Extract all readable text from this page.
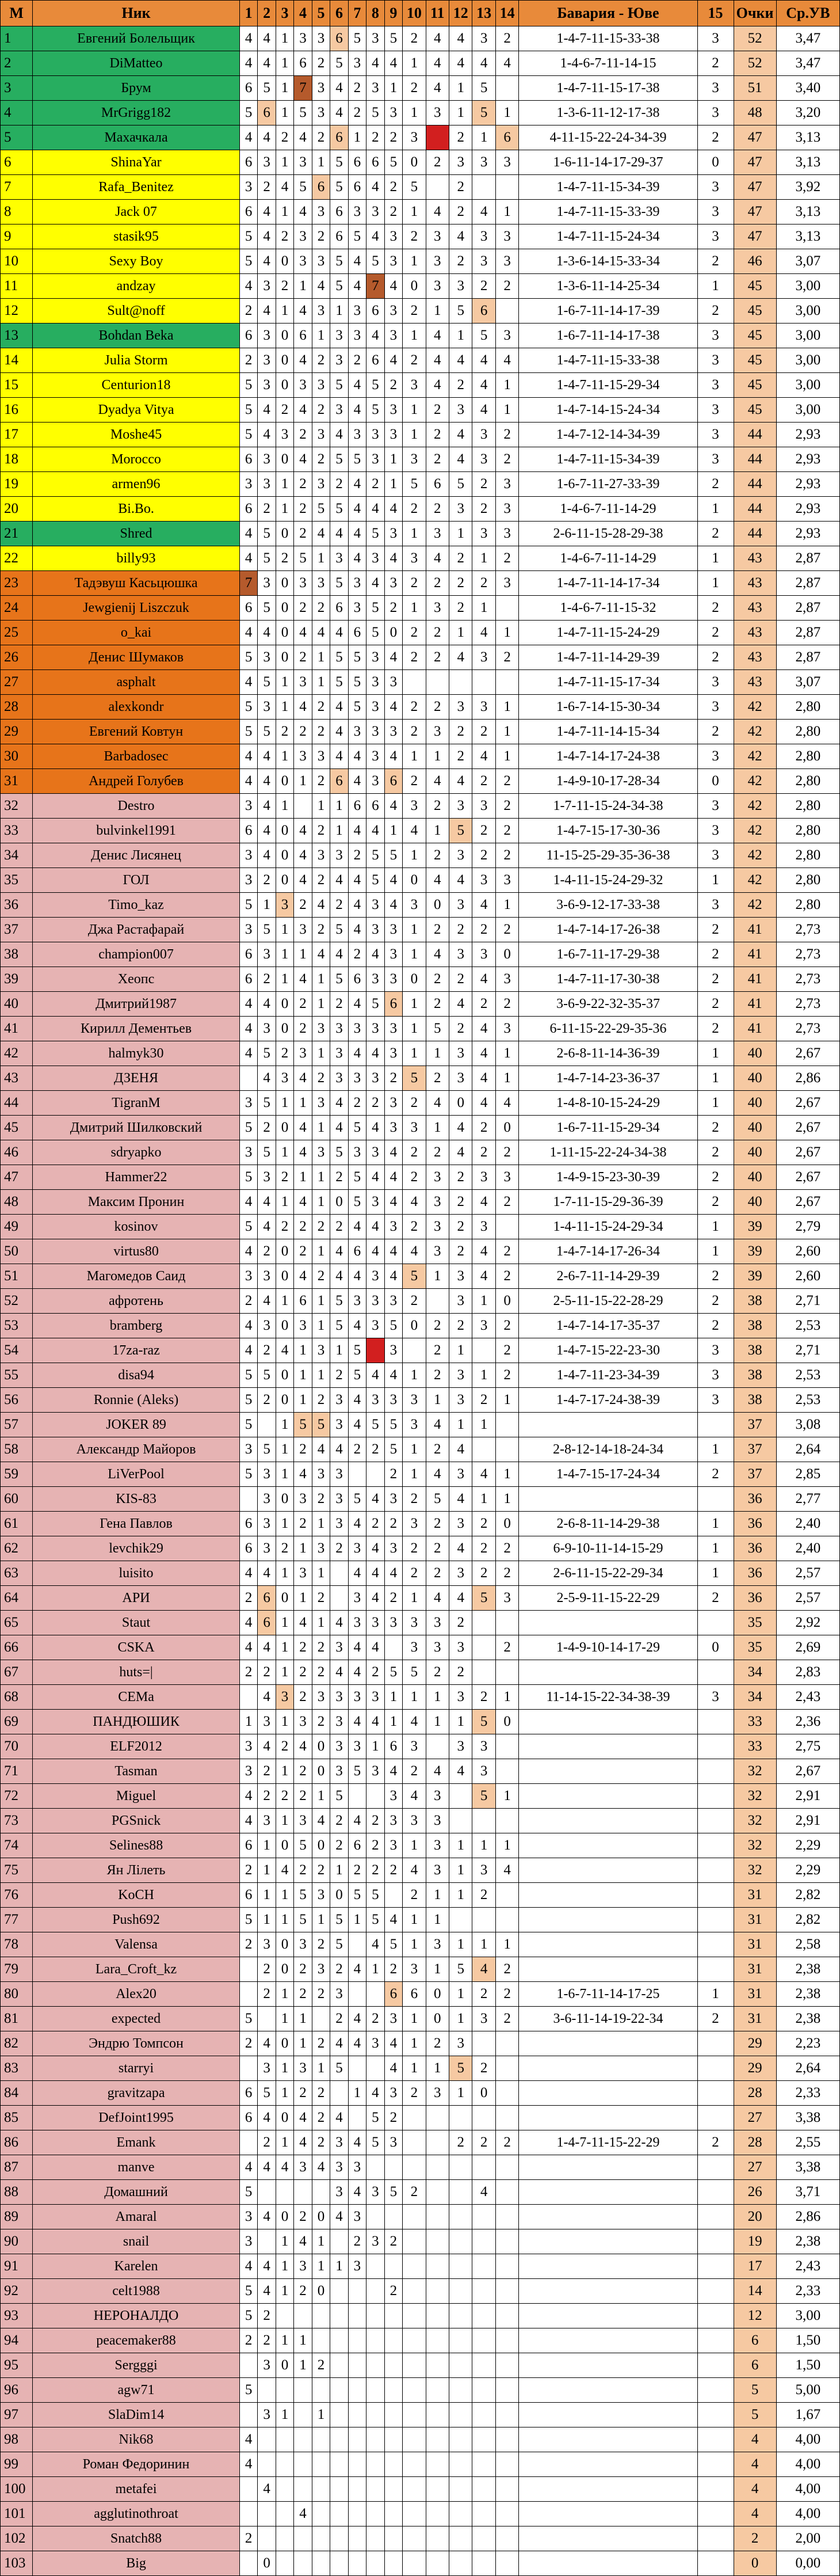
M	Ник	1	2	3	4	5	6	7	8	9	10	11	12	13	14	Бавария - Юве	15	Очки	Ср.УВ
1	Евгений Болельщик	4	4	1	3	3	6	5	3	5	2	4	4	3	2	1-4-7-11-15-33-38	3	52	3,47
2	DiMatteo	4	4	1	6	2	5	3	4	4	1	4	4	4	4	1-4-6-7-11-14-15	2	52	3,47
3	Брум	6	5	1	7	3	4	2	3	1	2	4	1	5		1-4-7-11-15-17-38	3	51	3,40
4	MrGrigg182	5	6	1	5	3	4	2	5	3	1	3	1	5	1	1-3-6-11-12-17-38	3	48	3,20
5	Махачкала	4	4	2	4	2	6	1	2	2	3		2	1	6	4-11-15-22-24-34-39	2	47	3,13
6	ShinaYar	6	3	1	3	1	5	6	6	5	0	2	3	3	3	1-6-11-14-17-29-37	0	47	3,13
7	Rafa_Benitez	3	2	4	5	6	5	6	4	2	5		2			1-4-7-11-15-34-39	3	47	3,92
8	Jack 07	6	4	1	4	3	6	3	3	2	1	4	2	4	1	1-4-7-11-15-33-39	3	47	3,13
9	stasik95	5	4	2	3	2	6	5	4	3	2	3	4	3	3	1-4-7-11-15-24-34	3	47	3,13
10	Sexy Boy	5	4	0	3	3	5	4	5	3	1	3	2	3	3	1-3-6-14-15-33-34	2	46	3,07
11	andzay	4	3	2	1	4	5	4	7	4	0	3	3	2	2	1-3-6-11-14-25-34	1	45	3,00
12	Sult@noff	2	4	1	4	3	1	3	6	3	2	1	5	6		1-6-7-11-14-17-39	2	45	3,00
13	Bohdan Beka	6	3	0	6	1	3	3	4	3	1	4	1	5	3	1-6-7-11-14-17-38	3	45	3,00
14	Julia Storm	2	3	0	4	2	3	2	6	4	2	4	4	4	4	1-4-7-11-15-33-38	3	45	3,00
15	Centurion18	5	3	0	3	3	5	4	5	2	3	4	2	4	1	1-4-7-11-15-29-34	3	45	3,00
16	Dyadya Vitya	5	4	2	4	2	3	4	5	3	1	2	3	4	1	1-4-7-14-15-24-34	3	45	3,00
17	Moshe45	5	4	3	2	3	4	3	3	3	1	2	4	3	2	1-4-7-12-14-34-39	3	44	2,93
18	Morocco	6	3	0	4	2	5	5	3	1	3	2	4	3	2	1-4-7-11-15-34-39	3	44	2,93
19	armen96	3	3	1	2	3	2	4	2	1	5	6	5	2	3	1-6-7-11-27-33-39	2	44	2,93
20	Bi.Bo.	6	2	1	2	5	5	4	4	4	2	2	3	2	3	1-4-6-7-11-14-29	1	44	2,93
21	Shred	4	5	0	2	4	4	4	5	3	1	3	1	3	3	2-6-11-15-28-29-38	2	44	2,93
22	billy93	4	5	2	5	1	3	4	3	4	3	4	2	1	2	1-4-6-7-11-14-29	1	43	2,87
23	Тадэвуш Касьцюшка	7	3	0	3	3	5	3	4	3	2	2	2	2	3	1-4-7-11-14-17-34	1	43	2,87
24	Jewgienij Liszczuk	6	5	0	2	2	6	3	5	2	1	3	2	1		1-4-6-7-11-15-32	2	43	2,87
25	o_kai	4	4	0	4	4	4	6	5	0	2	2	1	4	1	1-4-7-11-15-24-29	2	43	2,87
26	Денис Шумаков	5	3	0	2	1	5	5	3	4	2	2	4	3	2	1-4-7-11-14-29-39	2	43	2,87
27	asphalt	4	5	1	3	1	5	5	3	3						1-4-7-11-15-17-34	3	43	3,07
28	alexkondr	5	3	1	4	2	4	5	3	4	2	2	3	3	1	1-6-7-14-15-30-34	3	42	2,80
29	Евгений Ковтун	5	5	2	2	2	4	3	3	3	2	3	2	2	1	1-4-7-11-14-15-34	2	42	2,80
30	Barbadosec	4	4	1	3	3	4	4	3	4	1	1	2	4	1	1-4-7-14-17-24-38	3	42	2,80
31	Андрей Голубев	4	4	0	1	2	6	4	3	6	2	4	4	2	2	1-4-9-10-17-28-34	0	42	2,80
32	Destro	3	4	1		1	1	6	6	4	3	2	3	3	2	1-7-11-15-24-34-38	3	42	2,80
33	bulvinkel1991	6	4	0	4	2	1	4	4	1	4	1	5	2	2	1-4-7-15-17-30-36	3	42	2,80
34	Денис Лисянец	3	4	0	4	3	3	2	5	5	1	2	3	2	2	11-15-25-29-35-36-38	3	42	2,80
35	ГОЛ	3	2	0	4	2	4	4	5	4	0	4	4	3	3	1-4-11-15-24-29-32	1	42	2,80
36	Timo_kaz	5	1	3	2	4	2	4	3	4	3	0	3	4	1	3-6-9-12-17-33-38	3	42	2,80
37	Джа Растафарай	3	5	1	3	2	5	4	3	3	1	2	2	2	2	1-4-7-14-17-26-38	2	41	2,73
38	champion007	6	3	1	1	4	4	2	4	3	1	4	3	3	0	1-6-7-11-17-29-38	2	41	2,73
39	Хеопс	6	2	1	4	1	5	6	3	3	0	2	2	4	3	1-4-7-11-17-30-38	2	41	2,73
40	Дмитрий1987	4	4	0	2	1	2	4	5	6	1	2	4	2	2	3-6-9-22-32-35-37	2	41	2,73
41	Кирилл Дементьев	4	3	0	2	3	3	3	3	3	1	5	2	4	3	6-11-15-22-29-35-36	2	41	2,73
42	halmyk30	4	5	2	3	1	3	4	4	3	1	1	3	4	1	2-6-8-11-14-36-39	1	40	2,67
43	ДЗЕНЯ		4	3	4	2	3	3	3	2	5	2	3	4	1	1-4-7-14-23-36-37	1	40	2,86
44	TigranM	3	5	1	1	3	4	2	2	3	2	4	0	4	4	1-4-8-10-15-24-29	1	40	2,67
45	Дмитрий Шилковский	5	2	0	4	1	4	5	4	3	3	1	4	2	0	1-6-7-11-15-29-34	2	40	2,67
46	sdryapko	3	5	1	4	3	5	3	3	4	2	2	4	2	2	1-11-15-22-24-34-38	2	40	2,67
47	Hammer22	5	3	2	1	1	2	5	4	4	2	3	2	3	3	1-4-9-15-23-30-39	2	40	2,67
48	Максим Пронин	4	4	1	4	1	0	5	3	4	4	3	2	4	2	1-7-11-15-29-36-39	2	40	2,67
49	kosinov	5	4	2	2	2	2	4	4	3	2	3	2	3		1-4-11-15-24-29-34	1	39	2,79
50	virtus80	4	2	0	2	1	4	6	4	4	4	3	2	4	2	1-4-7-14-17-26-34	1	39	2,60
51	Магомедов Саид	3	3	0	4	2	4	4	3	4	5	1	3	4	2	2-6-7-11-14-29-39	2	39	2,60
52	афротень	2	4	1	6	1	5	3	3	3	2		3	1	0	2-5-11-15-22-28-29	2	38	2,71
53	bramberg	4	3	0	3	1	5	4	3	5	0	2	2	3	2	1-4-7-14-17-35-37	2	38	2,53
54	17za-raz	4	2	4	1	3	1	5		3		2	1		2	1-4-7-15-22-23-30	3	38	2,71
55	disa94	5	5	0	1	1	2	5	4	4	1	2	3	1	2	1-4-7-11-23-34-39	3	38	2,53
56	Ronnie (Aleks)	5	2	0	1	2	3	4	3	3	3	1	3	2	1	1-4-7-17-24-38-39	3	38	2,53
57	JOKER 89	5		1	5	5	3	4	5	5	3	4	1	1				37	3,08
58	Александр Майоров	3	5	1	2	4	4	2	2	5	1	2	4			2-8-12-14-18-24-34	1	37	2,64
59	LiVerPool	5	3	1	4	3	3			2	1	4	3	4	1	1-4-7-15-17-24-34	2	37	2,85
60	KIS-83		3	0	3	2	3	5	4	3	2	5	4	1	1			36	2,77
61	Гена Павлов	6	3	1	2	1	3	4	2	2	3	2	3	2	0	2-6-8-11-14-29-38	1	36	2,40
62	levchik29	6	3	2	1	3	2	3	4	3	2	2	4	2	2	6-9-10-11-14-15-29	1	36	2,40
63	luisito	4	4	1	3	1		4	4	4	2	2	3	2	2	2-6-11-15-22-29-34	1	36	2,57
64	АРИ	2	6	0	1	2		3	4	2	1	4	4	5	3	2-5-9-11-15-22-29	2	36	2,57
65	Staut	4	6	1	4	1	4	3	3	3	3	3	2					35	2,92
66	CSKA	4	4	1	2	2	3	4	4		3	3	3		2	1-4-9-10-14-17-29	0	35	2,69
67	huts=|	2	2	1	2	2	4	4	2	5	5	2	2					34	2,83
68	CEMa		4	3	2	3	3	3	3	1	1	1	3	2	1	11-14-15-22-34-38-39	3	34	2,43
69	ПАНДЮШИК	1	3	1	3	2	3	4	4	1	4	1	1	5	0			33	2,36
70	ELF2012	3	4	2	4	0	3	3	1	6	3		3	3				33	2,75
71	Tasman	3	2	1	2	0	3	5	3	4	2	4	4	3				32	2,67
72	Miguel	4	2	2	2	1	5			3	4	3		5	1			32	2,91
73	PGSnick	4	3	1	3	4	2	4	2	3	3	3						32	2,91
74	Selines88	6	1	0	5	0	2	6	2	3	1	3	1	1	1			32	2,29
75	Ян Лілеть	2	1	4	2	2	1	2	2	2	4	3	1	3	4			32	2,29
76	KoCH	6	1	1	5	3	0	5	5		2	1	1	2				31	2,82
77	Push692	5	1	1	5	1	5	1	5	4	1	1						31	2,82
78	Valensa	2	3	0	3	2	5		4	5	1	3	1	1	1			31	2,58
79	Lara_Croft_kz		2	0	2	3	2	4	1	2	3	1	5	4	2			31	2,38
80	Alex20		2	1	2	2	3			6	6	0	1	2	2	1-6-7-11-14-17-25	1	31	2,38
81	expected	5		1	1		2	4	2	3	1	0	1	3	2	3-6-11-14-19-22-34	2	31	2,38
82	Эндрю Томпсон	2	4	0	1	2	4	4	3	4	1	2	3					29	2,23
83	starryi		3	1	3	1	5			4	1	1	5	2				29	2,64
84	gravitzapa	6	5	1	2	2		1	4	3	2	3	1	0				28	2,33
85	DefJoint1995	6	4	0	4	2	4		5	2								27	3,38
86	Emank		2	1	4	2	3	4	5	3			2	2	2	1-4-7-11-15-22-29	2	28	2,55
87	manve	4	4	4	3	4	3	3										27	3,38
88	Домашний	5					3	4	3	5	2			4				26	3,71
89	Amaral	3	4	0	2	0	4	3										20	2,86
90	snail	3		1	4	1		2	3	2								19	2,38
91	Karelen	4	4	1	3	1	1	3										17	2,43
92	celt1988	5	4	1	2	0				2								14	2,33
93	НЕРОНАЛДО	5	2															12	3,00
94	peacemaker88	2	2	1	1													6	1,50
95	Sergggi		3	0	1	2												6	1,50
96	agw71	5																5	5,00
97	SlaDim14		3	1		1												5	1,67
98	Nik68	4																4	4,00
99	Роман Федоринин	4																4	4,00
100	metafei		4															4	4,00
101	agglutinothroat				4													4	4,00
102	Snatch88	2																2	2,00
103	Big		0															0	0,00
